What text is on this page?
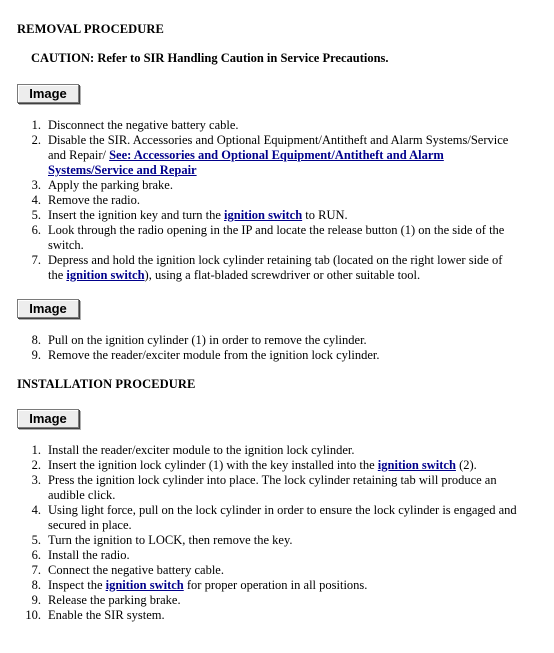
REMOVAL PROCEDURE

CAUTION: Refer to SIR Handling Caution in Service Precautions.

Image
1. Disconnect the negative battery cable.
2. Disable the SIR. Accessories and Optional Equipment/Antitheft and Alarm Systems/Service and Repair/ See: Accessories and Optional Equipment/Antitheft and Alarm Systems/Service and Repair
3. Apply the parking brake.
4. Remove the radio.
5. Insert the ignition key and turn the ignition switch to RUN.
6. Look through the radio opening in the IP and locate the release button (1) on the side of the switch.
7. Depress and hold the ignition lock cylinder retaining tab (located on the right lower side of the ignition switch), using a flat-bladed screwdriver or other suitable tool.
Image
8. Pull on the ignition cylinder (1) in order to remove the cylinder.
9. Remove the reader/exciter module from the ignition lock cylinder.
INSTALLATION PROCEDURE
Image
1. Install the reader/exciter module to the ignition lock cylinder.
2. Insert the ignition lock cylinder (1) with the key installed into the ignition switch (2).
3. Press the ignition lock cylinder into place. The lock cylinder retaining tab will produce an audible click.
4. Using light force, pull on the lock cylinder in order to ensure the lock cylinder is engaged and secured in place.
5. Turn the ignition to LOCK, then remove the key.
6. Install the radio.
7. Connect the negative battery cable.
8. Inspect the ignition switch for proper operation in all positions.
9. Release the parking brake.
10. Enable the SIR system.
